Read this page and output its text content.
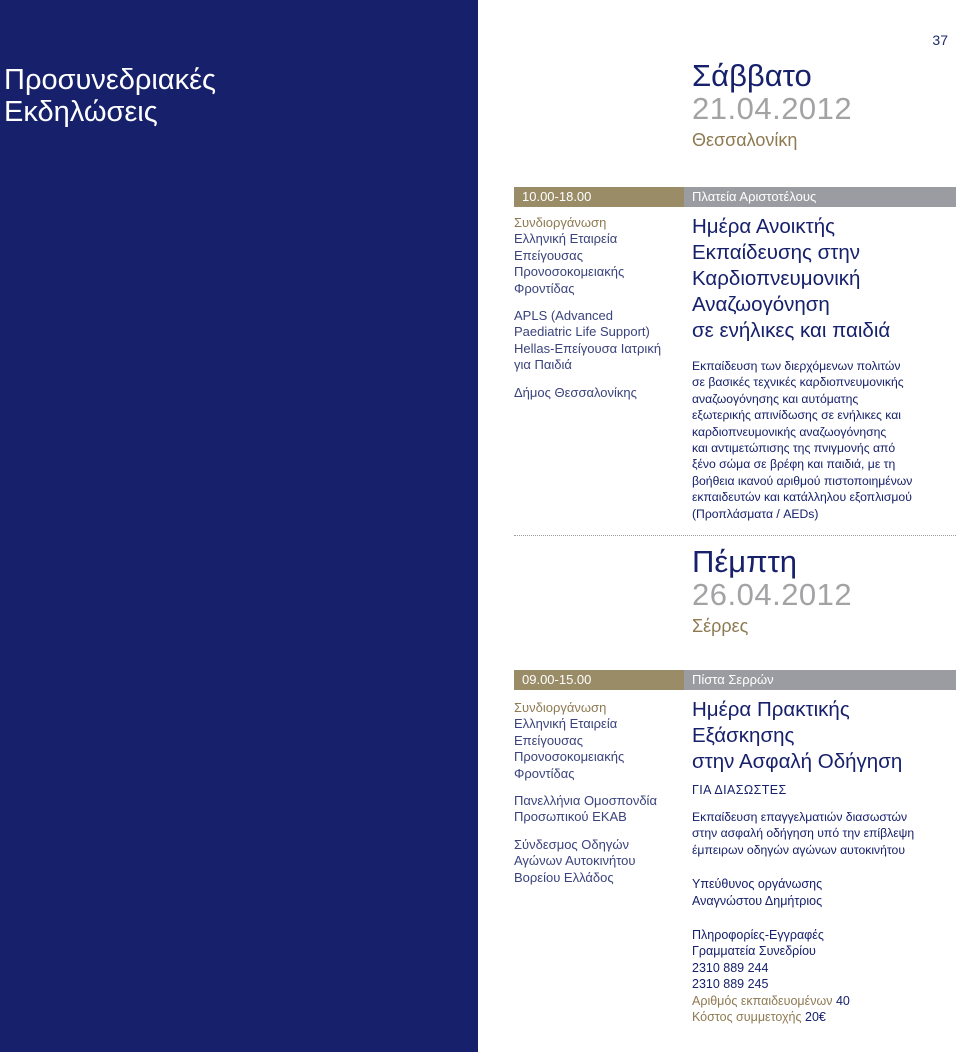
Προσυνεδριακές
Εκδηλώσεις
37
Σάββατο
21.04.2012
Θεσσαλονίκη
10.00-18.00	Πλατεία Αριστοτέλους
Συνδιοργάνωση
Ελληνική Εταιρεία
Επείγουσας
Προνοσοκομειακής
Φροντίδας
APLS (Advanced
Paediatric Life Support)
Hellas-Επείγουσα Ιατρική
για Παιδιά
Δήμος Θεσσαλονίκης
Ημέρα Ανοικτής
Εκπαίδευσης στην
Καρδιοπνευμονική
Αναζωογόνηση
σε ενήλικες και παιδιά
Εκπαίδευση των διερχόμενων πολιτών
σε βασικές τεχνικές καρδιοπνευμονικής
αναζωογόνησης και αυτόματης
εξωτερικής απινίδωσης σε ενήλικες και
καρδιοπνευμονικής αναζωογόνησης
και αντιμετώπισης της πνιγμονής από
ξένο σώμα σε βρέφη και παιδιά, με τη
βοήθεια ικανού αριθμού πιστοποιημένων
εκπαιδευτών και κατάλληλου εξοπλισμού
(Προπλάσματα / AEDs)
Πέμπτη
26.04.2012
Σέρρες
09.00-15.00	Πίστα Σερρών
Συνδιοργάνωση
Ελληνική Εταιρεία
Επείγουσας
Προνοσοκομειακής
Φροντίδας
Πανελλήνια Ομοσπονδία
Προσωπικού ΕΚΑΒ
Σύνδεσμος Οδηγών
Αγώνων Αυτοκινήτου
Βορείου Ελλάδος
Ημέρα Πρακτικής
Εξάσκησης
στην Ασφαλή Οδήγηση
ΓΙΑ ΔΙΑΣΩΣΤΕΣ
Εκπαίδευση επαγγελματιών διασωστών
στην ασφαλή οδήγηση υπό την επίβλεψη
έμπειρων οδηγών αγώνων αυτοκινήτου
Υπεύθυνος οργάνωσης
Αναγνώστου Δημήτριος
Πληροφορίες-Εγγραφές
Γραμματεία Συνεδρίου
2310 889 244
2310 889 245
Αριθμός εκπαιδευομένων 40
Κόστος συμμετοχής 20€
